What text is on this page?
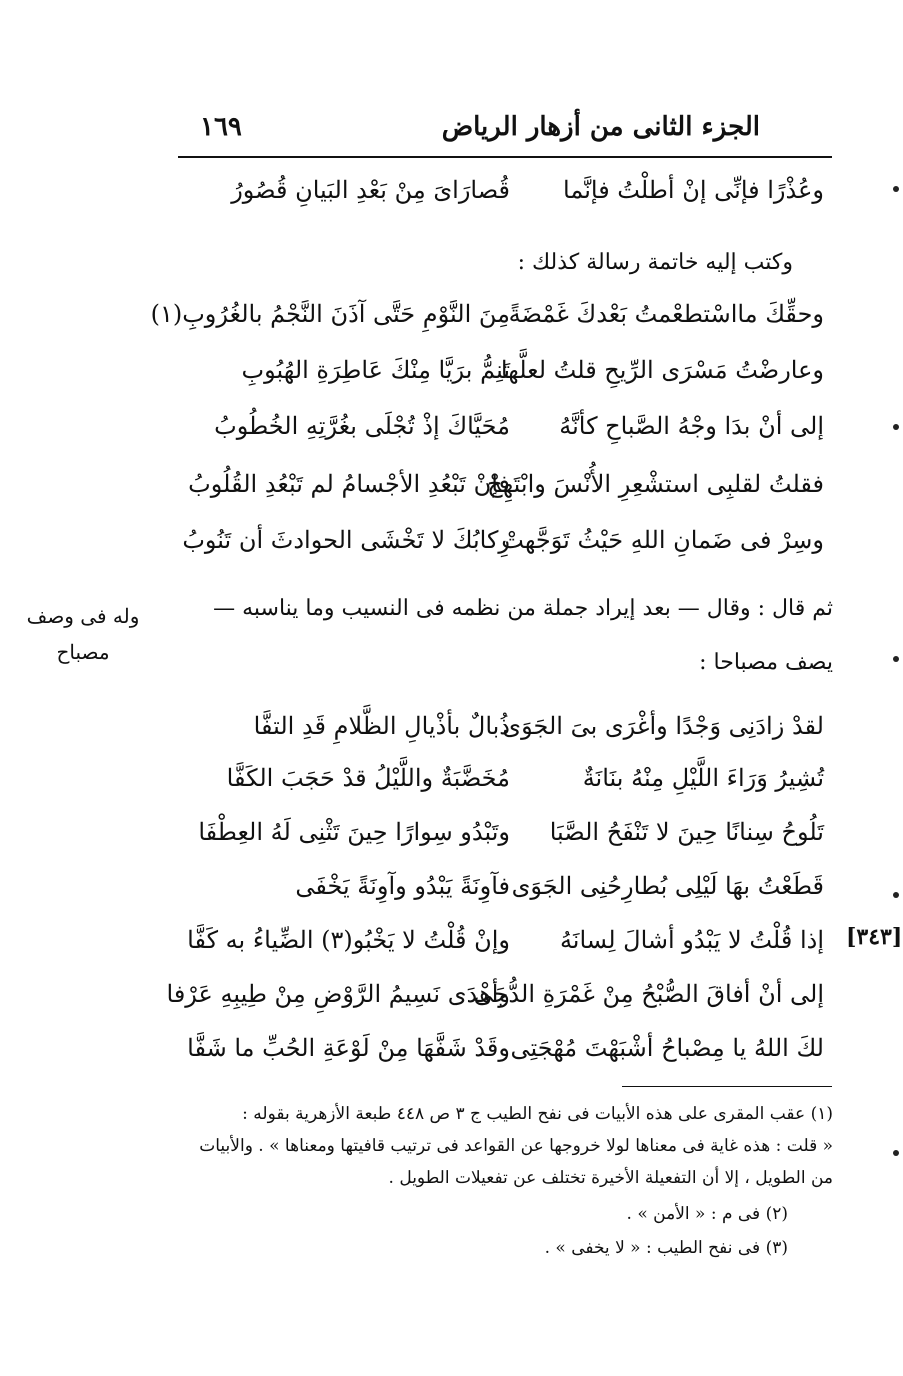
الجزء الثانى من أزهار الرياض
١٦٩
وعُذْرًا فإنِّى إنْ أطلْتُ فإنَّما
قُصارَاىَ مِنْ بَعْدِ البَيانِ قُصُورُ
وكتب إليه خاتمة رسالة كذلك :
وحقِّكَ مااسْتطعْمتُ بَعْدكَ غَمْضَةً
مِنَ النَّوْمِ حَتَّى آذَنَ النَّجْمُ بالغُرُوبِ(١)
وعارضْتُ مَسْرَى الرِّيحِ قلتُ لعلَّها
تَنِمُّ برَيَّا مِنْكَ عَاطِرَةِ الهُبُوبِ
إلى أنْ بدَا وجْهُ الصَّباحِ كأنَّهُ
مُحَيَّاكَ إذْ تُجْلَى بغُرَّتِهِ الخُطُوبُ
فقلتُ لقلبِى استشْعِرِ الأُنْسَ وابْتَهِجْ
فإنْ تَبْعُدِ الأجْسامُ لم تَبْعُدِ القُلُوبُ
وسِرْ فى ضَمانِ اللهِ حَيْثُ تَوَجَّهتْ
رِكابُكَ لا تَخْشَى الحوادثَ أن تَنُوبُ
ثم قال : وقال — بعد إيراد جملة من نظمه فى النسيب وما يناسبه —
يصف مصباحا :
وله فى وصف
مصباح
لقدْ زادَنِى وَجْدًا وأغْرَى بىَ الجَوَى
ذُبالٌ بأذْيالِ الظَّلامِ قَدِ التفَّا
تُشِيرُ وَرَاءَ اللَّيْلِ مِنْهُ بنَانَةٌ
مُخَضَّبَةٌ واللَّيْلُ قدْ حَجَبَ الكَفَّا
تَلُوحُ سِنانًا حِينَ لا تَنْفَحُ الصَّبَا
وتَبْدُو سِوارًا حِينَ تَثْنِى لَهُ العِطْفَا
قَطَعْتُ بهَا لَيْلِى بُطارِحُنِى الجَوَى
فآوِنَةً يَبْدُو وآوِنَةً يَخْفَى
إذا قُلْتُ لا يَبْدُو أشالَ لِسانَهُ
وإنْ قُلْتُ لا يَخْبُو(٣) الضِّياءُ به كَفَّا
إلى أنْ أفاقَ الصُّبْحُ مِنْ غَمْرَةِ الدُّجَى
وأهْدَى نَسِيمُ الرَّوْضِ مِنْ طِيبِهِ عَرْفا
لكَ اللهُ يا مِصْباحُ أشْبَهْتَ مُهْجَتِى
وقَدْ شَفَّهَا مِنْ لَوْعَةِ الحُبِّ ما شَفَّا
[٣٤٣]
(١) عقب المقرى على هذه الأبيات فى نفح الطيب ج ٣ ص ٤٤٨ طبعة الأزهرية بقوله :
« قلت : هذه غاية فى معناها لولا خروجها عن القواعد فى ترتيب قافيتها ومعناها » . والأبيات
من الطويل ، إلا أن التفعيلة الأخيرة تختلف عن تفعيلات الطويل .
(٢) فى م : « الأمن » .
(٣) فى نفح الطيب : « لا يخفى » .
